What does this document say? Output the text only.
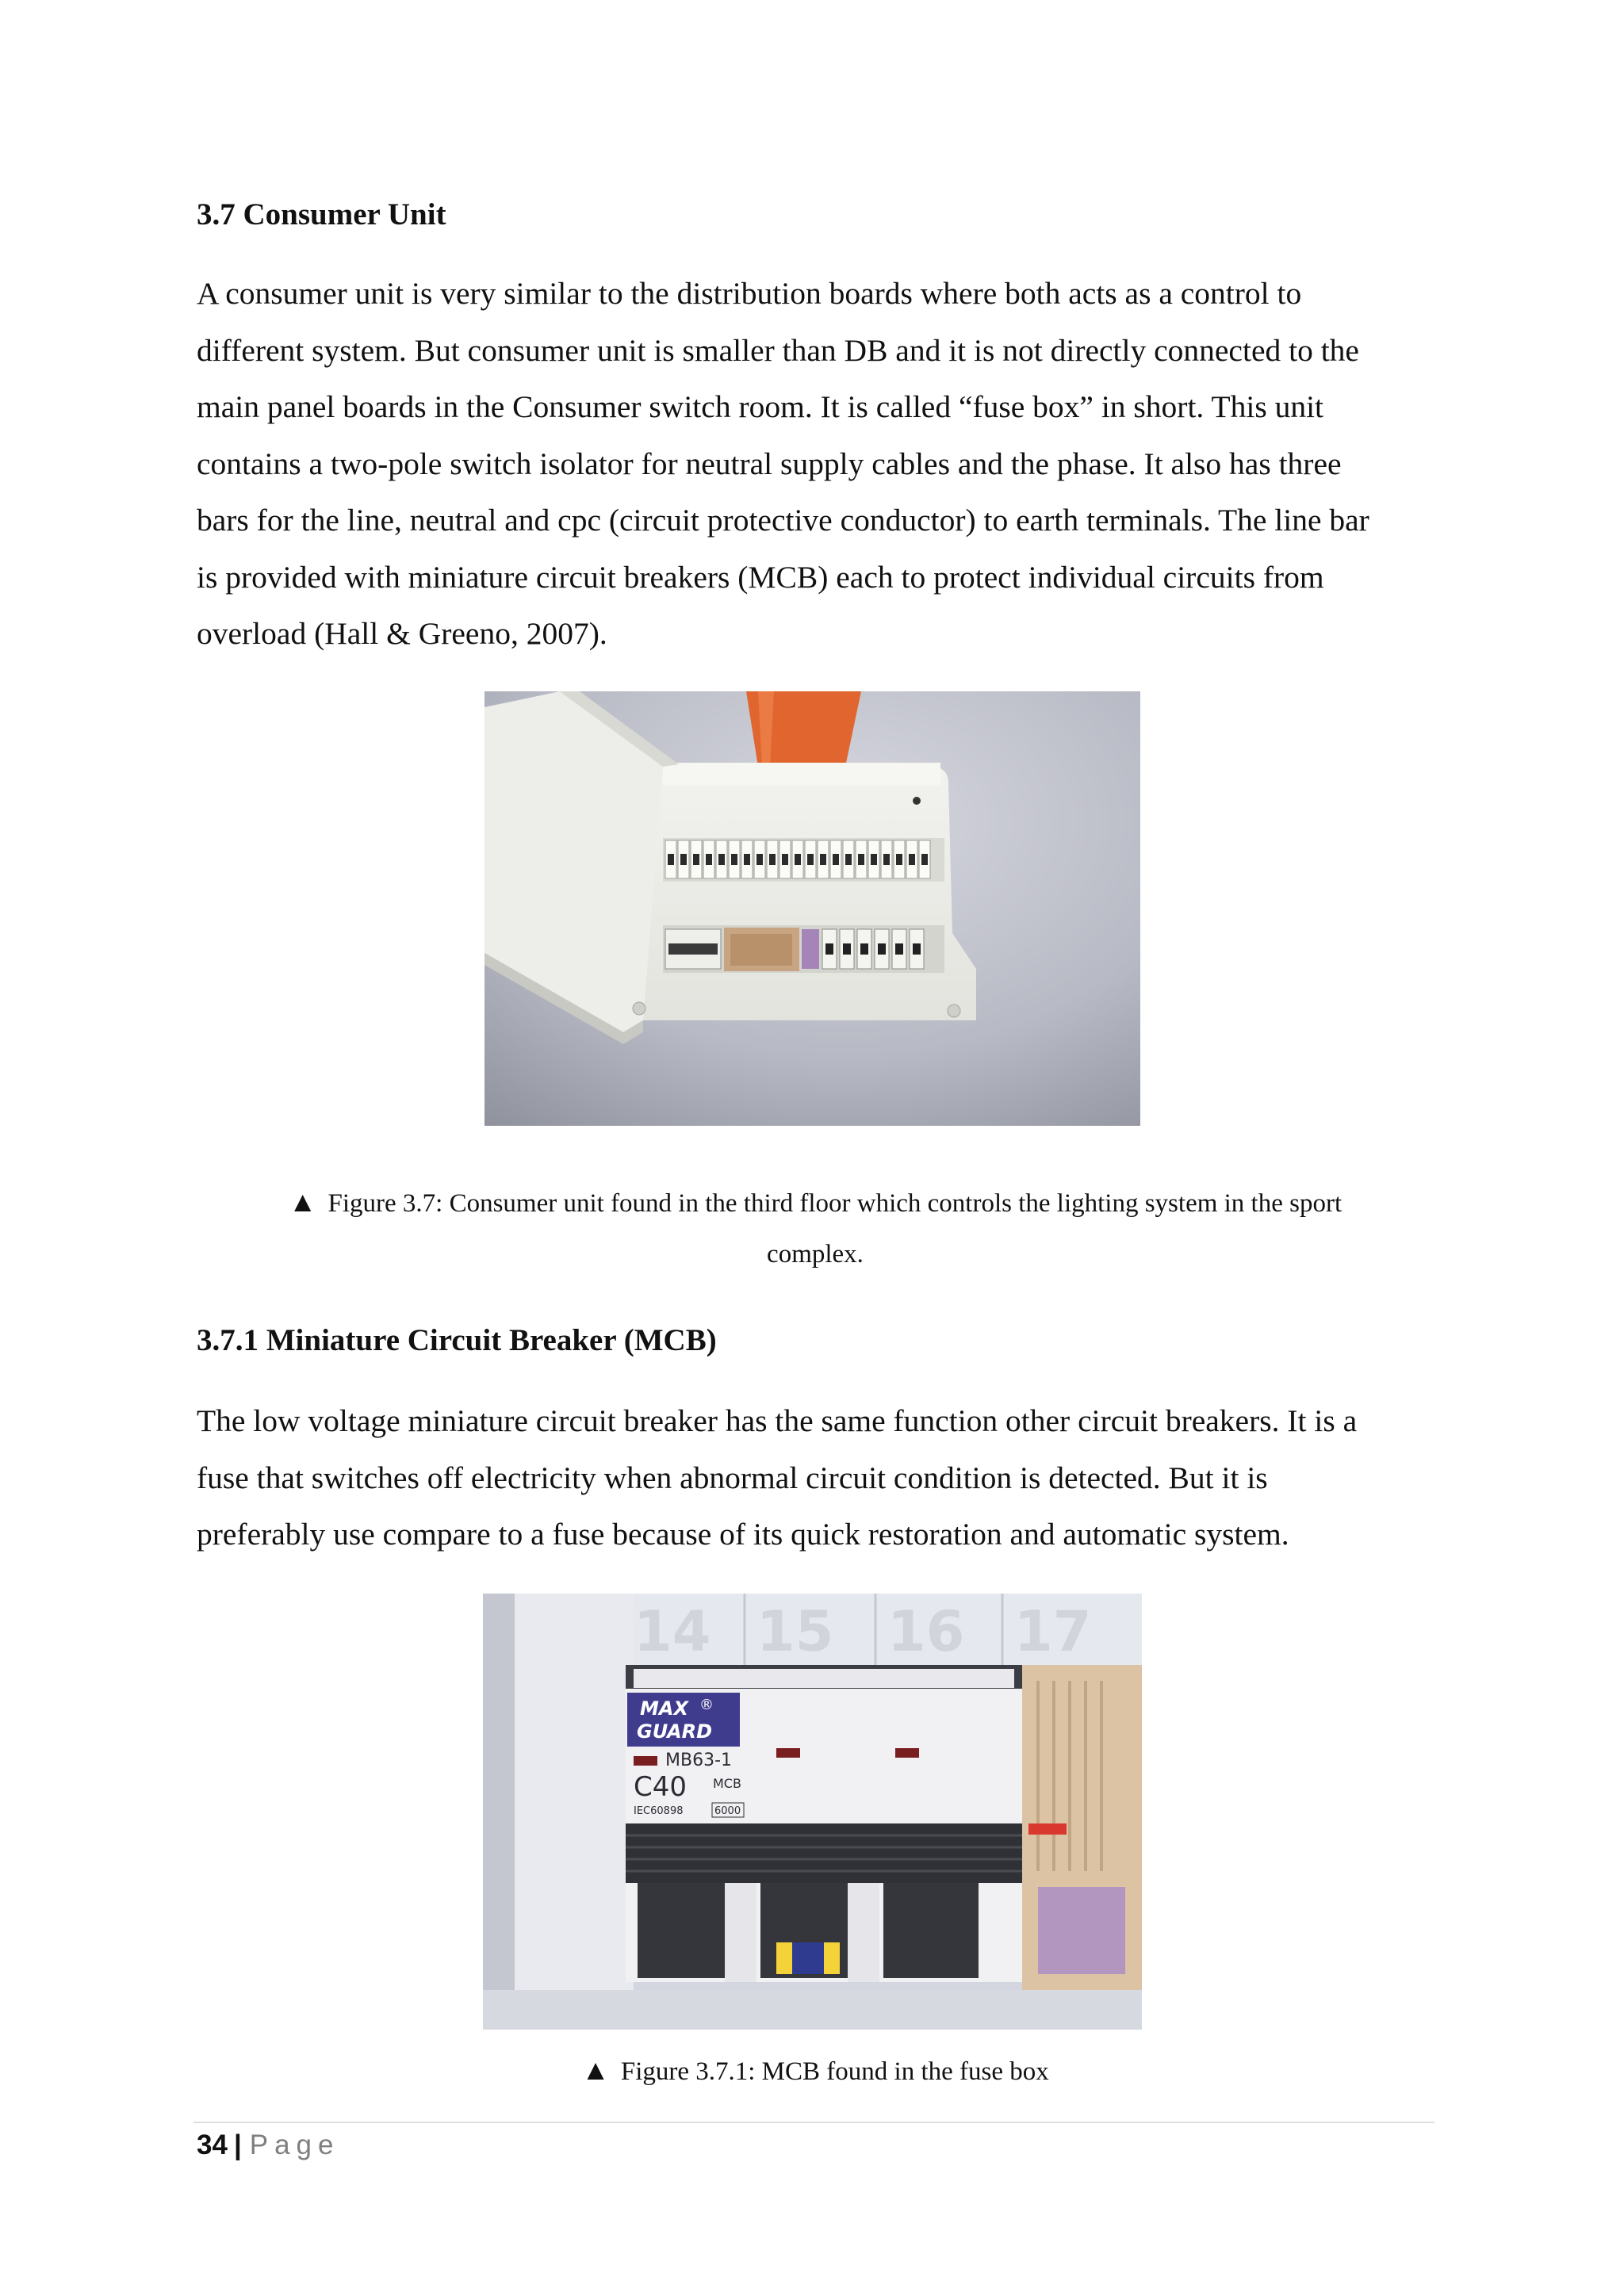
3.7 Consumer Unit
A consumer unit is very similar to the distribution boards where both acts as a control to
different system. But consumer unit is smaller than DB and it is not directly connected to the
main panel boards in the Consumer switch room. It is called “fuse box” in short. This unit
contains a two-pole switch isolator for neutral supply cables and the phase. It also has three
bars for the line, neutral and cpc (circuit protective conductor) to earth terminals. The line bar
is provided with miniature circuit breakers (MCB) each to protect individual circuits from
overload (Hall & Greeno, 2007).
▲ Figure 3.7: Consumer unit found in the third floor which controls the lighting system in the sport
complex.
3.7.1 Miniature Circuit Breaker (MCB)
The low voltage miniature circuit breaker has the same function other circuit breakers. It is a
fuse that switches off electricity when abnormal circuit condition is detected. But it is
preferably use compare to a fuse because of its quick restoration and automatic system.
14 15 16 17
MAX ®
GUARD
MB63-1
C40 MCB
IEC60898	6000
▲ Figure 3.7.1: MCB found in the fuse box
34 | Page
